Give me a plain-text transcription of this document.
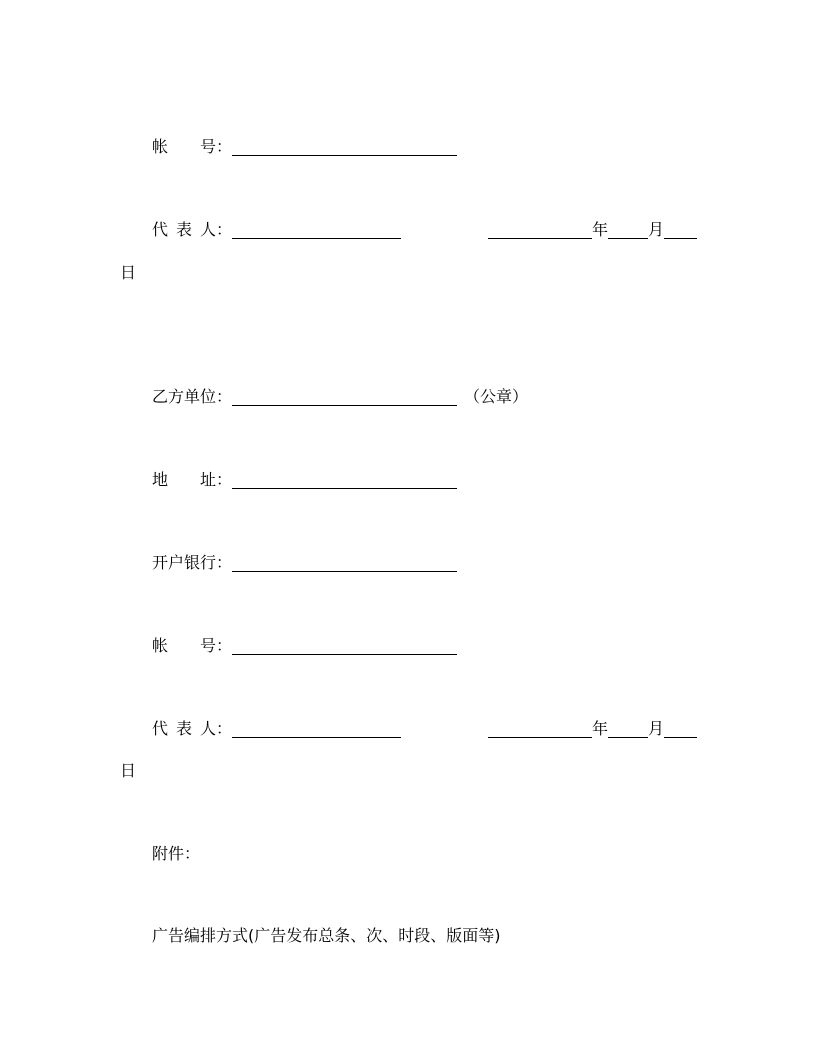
帐 号 ：
代 表 人 ：	年 月
日
乙方单位 ：	（公章）
地 址 ：
开户银行 ：
帐 号 ：
代 表 人 ：	年 月
日
附件：
广告编排方式(广告发布总条、次、时段、版面等)
